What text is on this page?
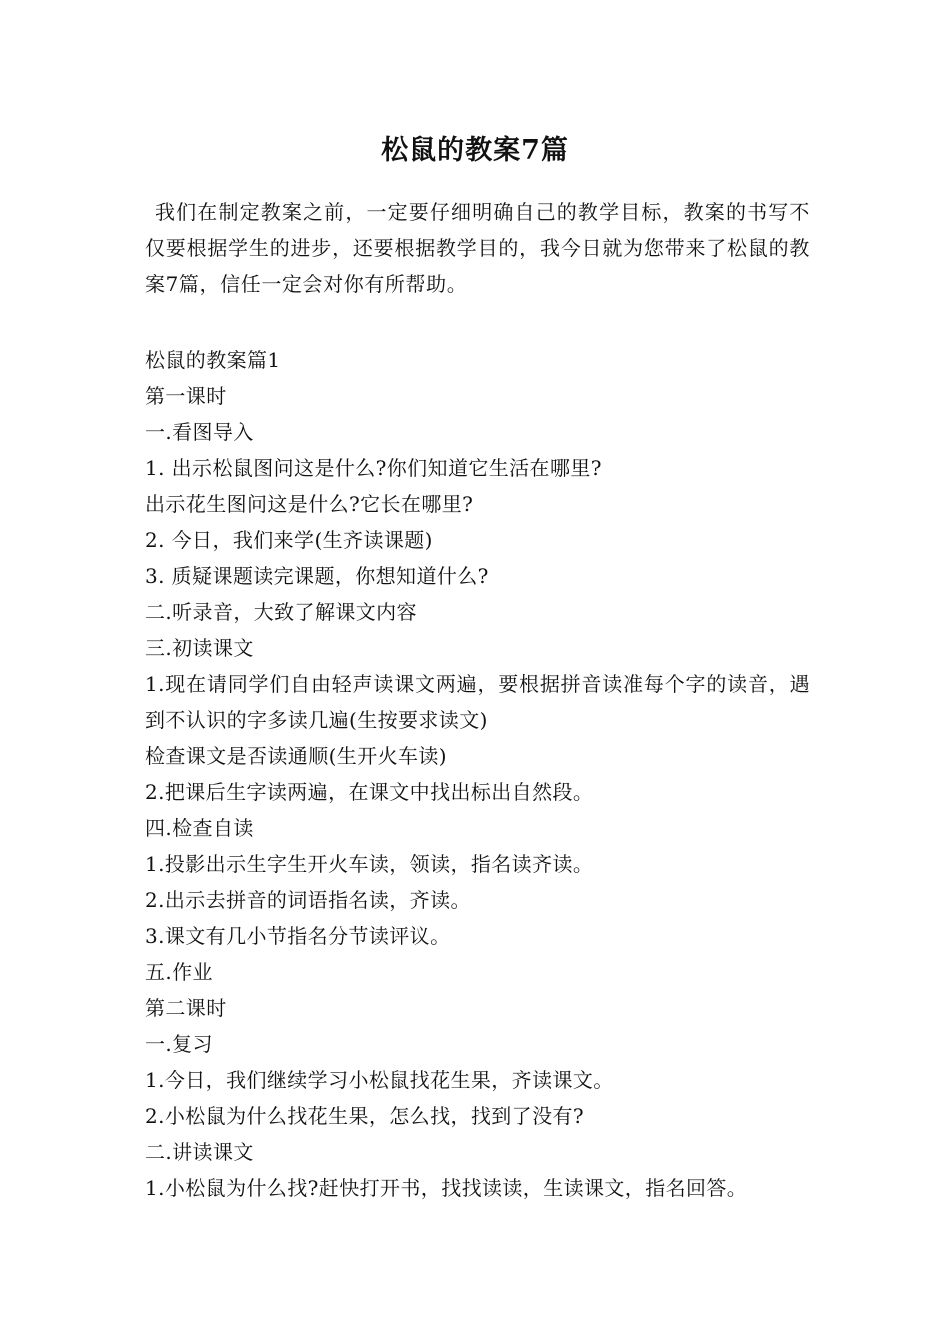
松鼠的教案7篇
我们在制定教案之前，一定要仔细明确自己的教学目标，教案的书写不仅要根据学生的进步，还要根据教学目的，我今日就为您带来了松鼠的教案7篇，信任一定会对你有所帮助。
松鼠的教案篇1
第一课时
一.看图导入
1. 出示松鼠图问这是什么?你们知道它生活在哪里?
出示花生图问这是什么?它长在哪里?
2. 今日，我们来学(生齐读课题)
3. 质疑课题读完课题，你想知道什么?
二.听录音，大致了解课文内容
三.初读课文
1.现在请同学们自由轻声读课文两遍，要根据拼音读准每个字的读音，遇到不认识的字多读几遍(生按要求读文)
检查课文是否读通顺(生开火车读)
2.把课后生字读两遍，在课文中找出标出自然段。
四.检查自读
1.投影出示生字生开火车读，领读，指名读齐读。
2.出示去拼音的词语指名读，齐读。
3.课文有几小节指名分节读评议。
五.作业
第二课时
一.复习
1.今日，我们继续学习小松鼠找花生果，齐读课文。
2.小松鼠为什么找花生果，怎么找，找到了没有?
二.讲读课文
1.小松鼠为什么找?赶快打开书，找找读读，生读课文，指名回答。
